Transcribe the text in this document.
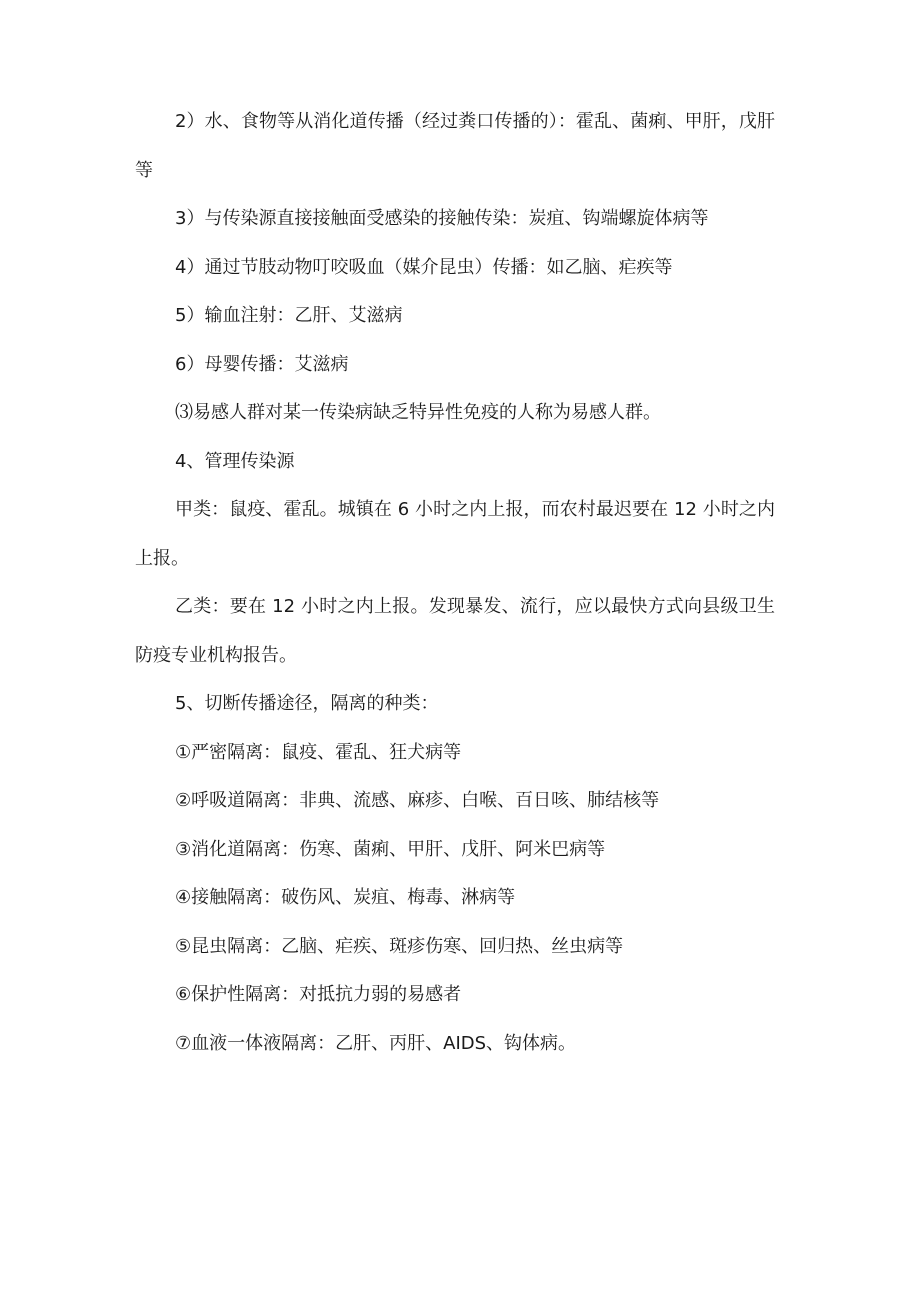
2）水、食物等从消化道传播（经过粪口传播的）：霍乱、菌痢、甲肝，戊肝等

3）与传染源直接接触面受感染的接触传染：炭疽、钩端螺旋体病等

4）通过节肢动物叮咬吸血（媒介昆虫）传播：如乙脑、疟疾等

5）输血注射：乙肝、艾滋病

6）母婴传播：艾滋病

⑶易感人群对某一传染病缺乏特异性免疫的人称为易感人群。

4、管理传染源

甲类：鼠疫、霍乱。城镇在 6 小时之内上报，而农村最迟要在 12 小时之内上报。

乙类：要在 12 小时之内上报。发现暴发、流行，应以最快方式向县级卫生防疫专业机构报告。

5、切断传播途径，隔离的种类：

①严密隔离：鼠疫、霍乱、狂犬病等

②呼吸道隔离：非典、流感、麻疹、白喉、百日咳、肺结核等

③消化道隔离：伤寒、菌痢、甲肝、戊肝、阿米巴病等

④接触隔离：破伤风、炭疽、梅毒、淋病等

⑤昆虫隔离：乙脑、疟疾、斑疹伤寒、回归热、丝虫病等

⑥保护性隔离：对抵抗力弱的易感者

⑦血液一体液隔离：乙肝、丙肝、AIDS、钩体病。
